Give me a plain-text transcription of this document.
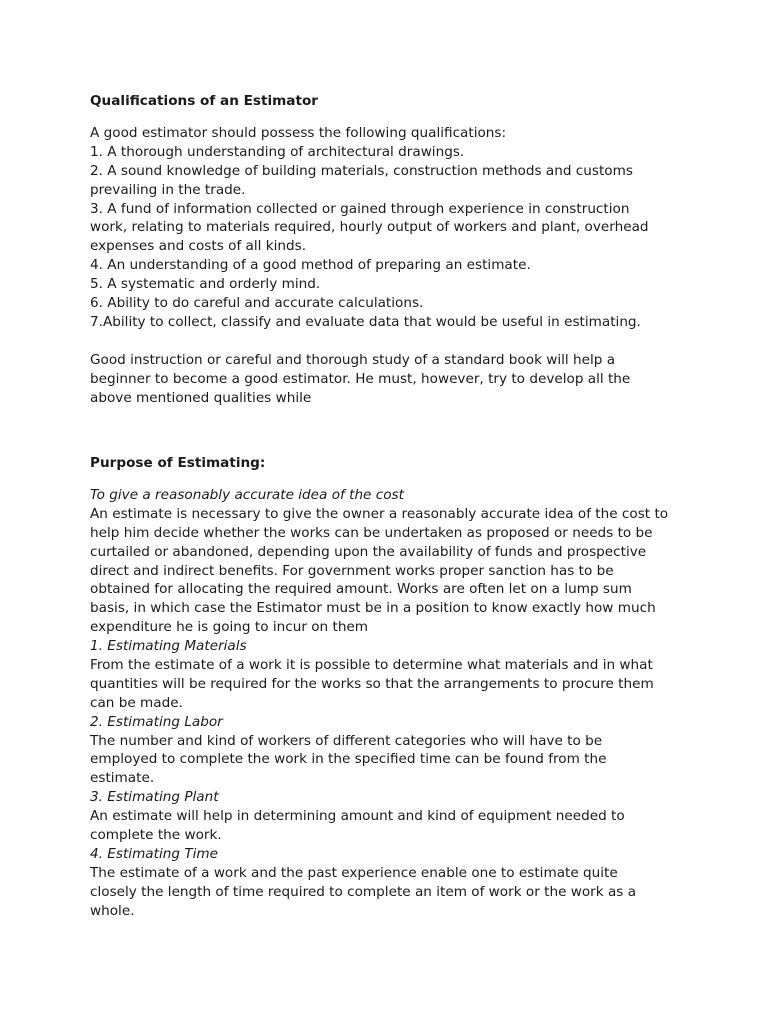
Qualifications of an Estimator
A good estimator should possess the following qualifications:
1. A thorough understanding of architectural drawings.
2. A sound knowledge of building materials, construction methods and customs
prevailing in the trade.
3. A fund of information collected or gained through experience in construction
work, relating to materials required, hourly output of workers and plant, overhead
expenses and costs of all kinds.
4. An understanding of a good method of preparing an estimate.
5. A systematic and orderly mind.
6. Ability to do careful and accurate calculations.
7.Ability to collect, classify and evaluate data that would be useful in estimating.
Good instruction or careful and thorough study of a standard book will help a
beginner to become a good estimator. He must, however, try to develop all the
above mentioned qualities while
Purpose of Estimating:
To give a reasonably accurate idea of the cost
An estimate is necessary to give the owner a reasonably accurate idea of the cost to
help him decide whether the works can be undertaken as proposed or needs to be
curtailed or abandoned, depending upon the availability of funds and prospective
direct and indirect benefits. For government works proper sanction has to be
obtained for allocating the required amount. Works are often let on a lump sum
basis, in which case the Estimator must be in a position to know exactly how much
expenditure he is going to incur on them
1. Estimating Materials
From the estimate of a work it is possible to determine what materials and in what
quantities will be required for the works so that the arrangements to procure them
can be made.
2. Estimating Labor
The number and kind of workers of different categories who will have to be
employed to complete the work in the specified time can be found from the
estimate.
3. Estimating Plant
An estimate will help in determining amount and kind of equipment needed to
complete the work.
4. Estimating Time
The estimate of a work and the past experience enable one to estimate quite
closely the length of time required to complete an item of work or the work as a
whole.
